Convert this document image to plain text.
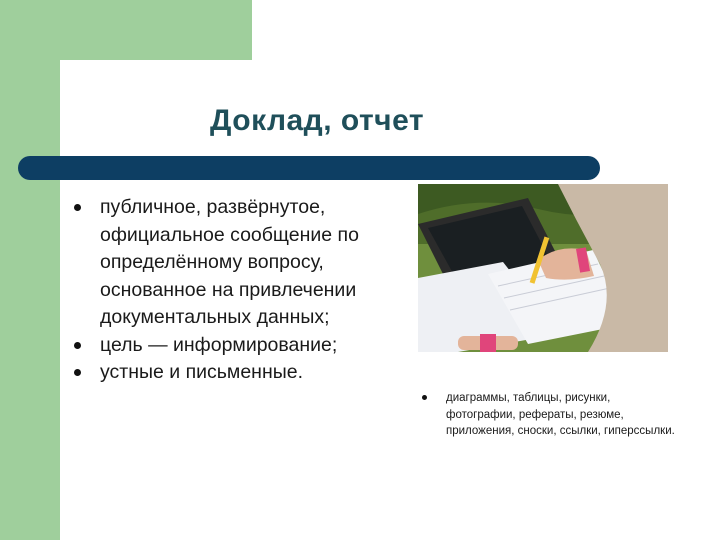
Доклад, отчет
публичное, развёрнутое, официальное сообщение по определённому вопросу, основанное на привлечении документальных данных;
цель — информирование;
устные и письменные.
диаграммы, таблицы, рисунки, фотографии, рефераты, резюме, приложения, сноски, ссылки, гиперссылки.
